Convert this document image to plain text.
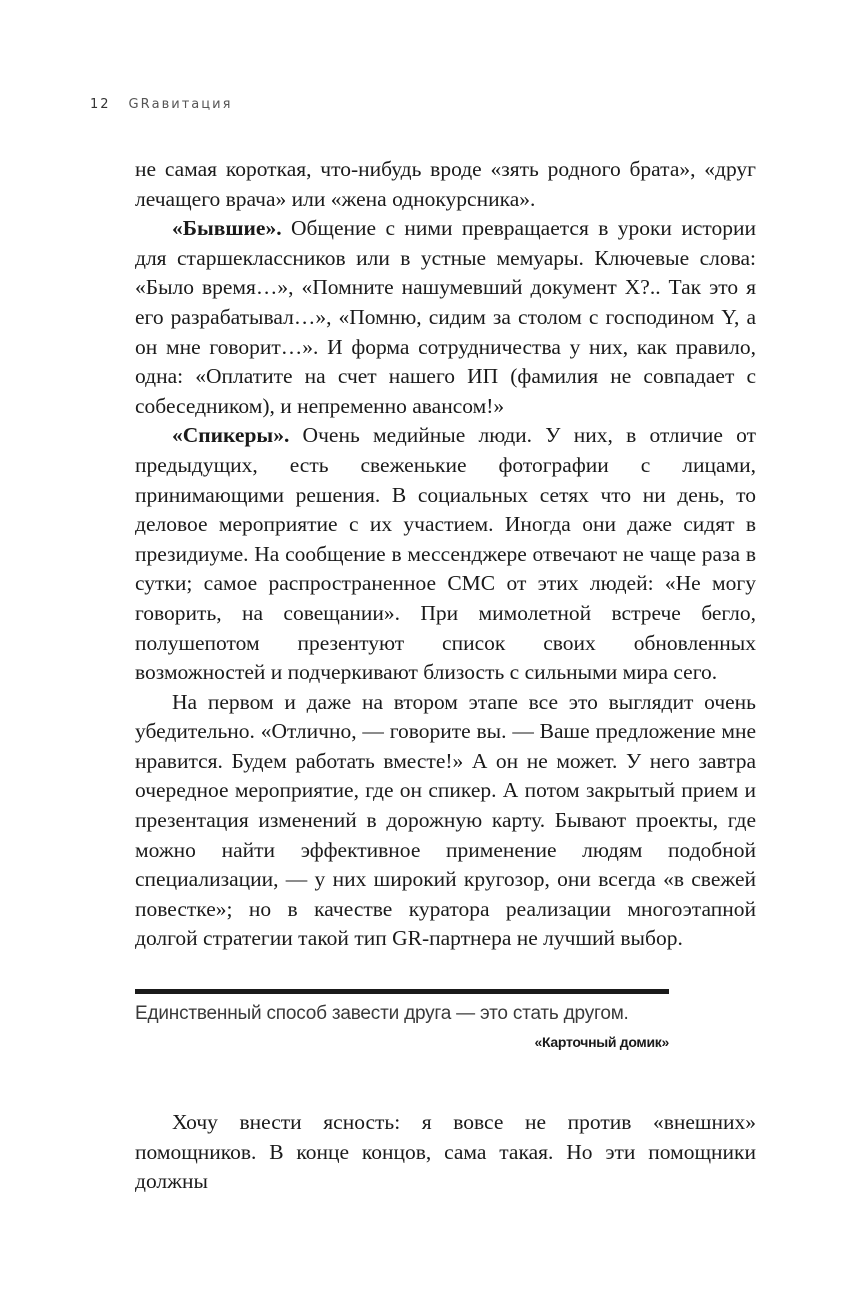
12 GRавитация

не самая короткая, что-нибудь вроде «зять родного брата», «друг лечащего врача» или «жена однокурсника».

«Бывшие». Общение с ними превращается в уроки истории для старшеклассников или в устные мемуары. Ключевые слова: «Было время…», «Помните нашумевший документ X?.. Так это я его разрабатывал…», «Помню, сидим за столом с господином Y, а он мне говорит…». И форма сотрудничества у них, как правило, одна: «Оплатите на счет нашего ИП (фамилия не совпадает с собеседником), и непременно авансом!»

«Спикеры». Очень медийные люди. У них, в отличие от предыдущих, есть свеженькие фотографии с лицами, принимающими решения. В социальных сетях что ни день, то деловое мероприятие с их участием. Иногда они даже сидят в президиуме. На сообщение в мессенджере отвечают не чаще раза в сутки; самое распространенное СМС от этих людей: «Не могу говорить, на совещании». При мимолетной встрече бегло, полушепотом презентуют список своих обновленных возможностей и подчеркивают близость с сильными мира сего.

На первом и даже на втором этапе все это выглядит очень убедительно. «Отлично, — говорите вы. — Ваше предложение мне нравится. Будем работать вместе!» А он не может. У него завтра очередное мероприятие, где он спикер. А потом закрытый прием и презентация изменений в дорожную карту. Бывают проекты, где можно найти эффективное применение людям подобной специализации, — у них широкий кругозор, они всегда «в свежей повестке»; но в качестве куратора реализации многоэтапной долгой стратегии такой тип GR-партнера не лучший выбор.

Единственный способ завести друга — это стать другом.
«Карточный домик»

Хочу внести ясность: я вовсе не против «внешних» помощников. В конце концов, сама такая. Но эти помощники должны
